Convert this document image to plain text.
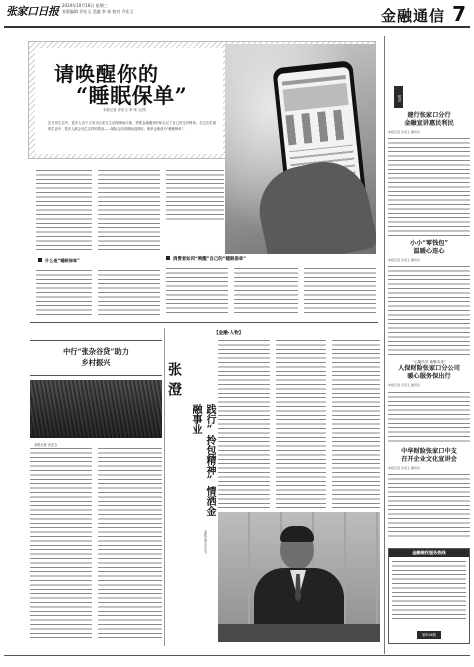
张家口日报 2024年10月16日 星期三
本版编辑 乔宏玉 美编 李 颂 校对 乔宏玉	金融通信 7
请唤醒你的
“睡眠保单”
本报记者 乔宏玉 李 颂 文/图
在日常生活中，很多人出于义务分红或为生活保障而买保，需要金融服务时却忘记了自己的这份保单。在过去忙碌的生活中，很多人都会发生这样的情况——保险合同到期而没领取，保单也就成为“睡眠保单”。
什么是“睡眠保单”	消费者如何“唤醒”自己的“睡眠保单”
短讯
建行张家口分行
金融宣讲惠民利民
本报记者 乔宏玉 通讯员
小小“零钱包”
温暖心连心
本报记者 乔宏玉 通讯员
“心随所享 新聚未来”
人保财险张家口分公司
暖心服务保出行
本报记者 乔宏玉 通讯员
中华财险张家口中支
召开企业文化宣讲会
本报记者 乔宏玉 通讯员
金融维权服务热线
第816期
中行“张杂谷贷”助力
乡村振兴
本报记者 乔宏玉
【金融·人物】
张澄
践行“拎包精神”情洒金融事业
本报记者 乔宏玉
